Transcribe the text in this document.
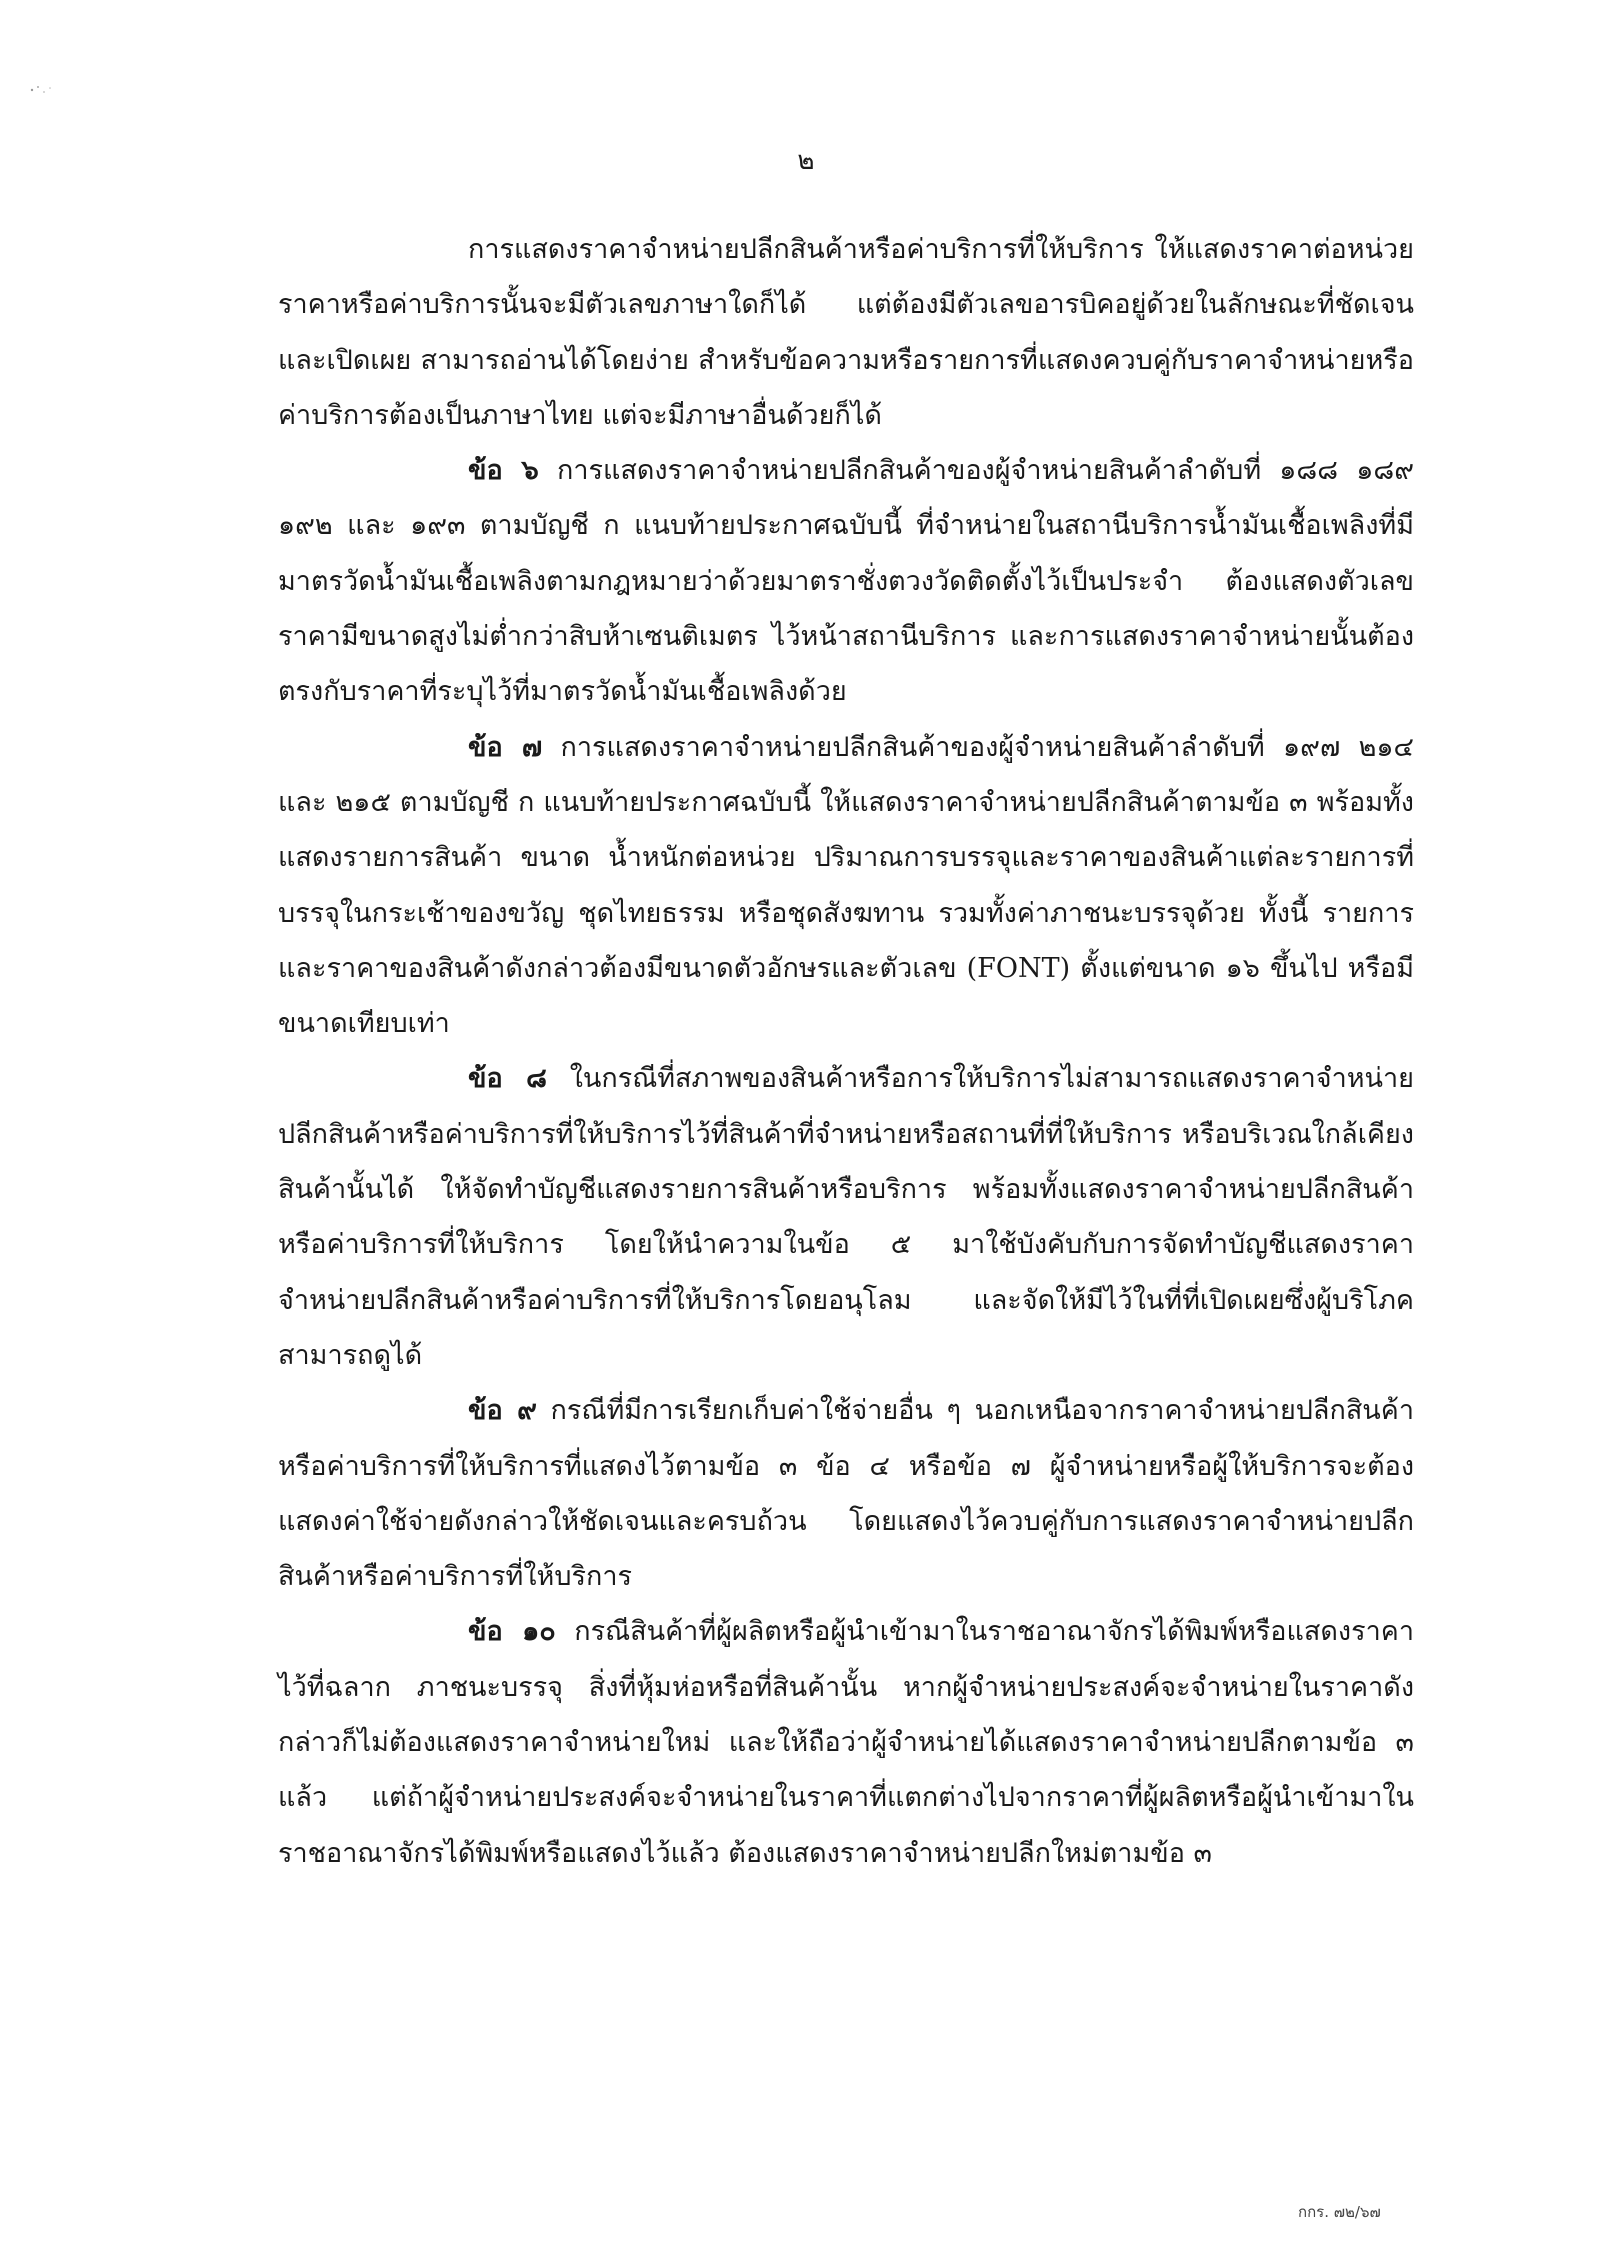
๒

การแสดงราคาจำหน่ายปลีกสินค้าหรือค่าบริการที่ให้บริการ ให้แสดงราคาต่อหน่วย ราคาหรือค่าบริการนั้นจะมีตัวเลขภาษาใดก็ได้ แต่ต้องมีตัวเลขอารบิคอยู่ด้วยในลักษณะที่ชัดเจนและเปิดเผย สามารถอ่านได้โดยง่าย สำหรับข้อความหรือรายการที่แสดงควบคู่กับราคาจำหน่ายหรือค่าบริการต้องเป็นภาษาไทย แต่จะมีภาษาอื่นด้วยก็ได้

ข้อ ๖ การแสดงราคาจำหน่ายปลีกสินค้าของผู้จำหน่ายสินค้าลำดับที่ ๑๘๘ ๑๘๙ ๑๙๒ และ ๑๙๓ ตามบัญชี ก แนบท้ายประกาศฉบับนี้ ที่จำหน่ายในสถานีบริการน้ำมันเชื้อเพลิงที่มีมาตรวัดน้ำมันเชื้อเพลิงตามกฎหมายว่าด้วยมาตราชั่งตวงวัดติดตั้งไว้เป็นประจำ ต้องแสดงตัวเลขราคามีขนาดสูงไม่ต่ำกว่าสิบห้าเซนติเมตร ไว้หน้าสถานีบริการ และการแสดงราคาจำหน่ายนั้นต้องตรงกับราคาที่ระบุไว้ที่มาตรวัดน้ำมันเชื้อเพลิงด้วย

ข้อ ๗ การแสดงราคาจำหน่ายปลีกสินค้าของผู้จำหน่ายสินค้าลำดับที่ ๑๙๗ ๒๑๔ และ ๒๑๕ ตามบัญชี ก แนบท้ายประกาศฉบับนี้ ให้แสดงราคาจำหน่ายปลีกสินค้าตามข้อ ๓ พร้อมทั้งแสดงรายการสินค้า ขนาด น้ำหนักต่อหน่วย ปริมาณการบรรจุและราคาของสินค้าแต่ละรายการที่บรรจุในกระเช้าของขวัญ ชุดไทยธรรม หรือชุดสังฆทาน รวมทั้งค่าภาชนะบรรจุด้วย ทั้งนี้ รายการและราคาของสินค้าดังกล่าวต้องมีขนาดตัวอักษรและตัวเลข (FONT) ตั้งแต่ขนาด ๑๖ ขึ้นไป หรือมีขนาดเทียบเท่า

ข้อ ๘ ในกรณีที่สภาพของสินค้าหรือการให้บริการไม่สามารถแสดงราคาจำหน่ายปลีกสินค้าหรือค่าบริการที่ให้บริการไว้ที่สินค้าที่จำหน่ายหรือสถานที่ที่ให้บริการ หรือบริเวณใกล้เคียงสินค้านั้นได้ ให้จัดทำบัญชีแสดงรายการสินค้าหรือบริการ พร้อมทั้งแสดงราคาจำหน่ายปลีกสินค้าหรือค่าบริการที่ให้บริการ โดยให้นำความในข้อ ๕ มาใช้บังคับกับการจัดทำบัญชีแสดงราคาจำหน่ายปลีกสินค้าหรือค่าบริการที่ให้บริการโดยอนุโลม และจัดให้มีไว้ในที่ที่เปิดเผยซึ่งผู้บริโภคสามารถดูได้

ข้อ ๙ กรณีที่มีการเรียกเก็บค่าใช้จ่ายอื่น ๆ นอกเหนือจากราคาจำหน่ายปลีกสินค้าหรือค่าบริการที่ให้บริการที่แสดงไว้ตามข้อ ๓ ข้อ ๔ หรือข้อ ๗ ผู้จำหน่ายหรือผู้ให้บริการจะต้องแสดงค่าใช้จ่ายดังกล่าวให้ชัดเจนและครบถ้วน โดยแสดงไว้ควบคู่กับการแสดงราคาจำหน่ายปลีกสินค้าหรือค่าบริการที่ให้บริการ

ข้อ ๑๐ กรณีสินค้าที่ผู้ผลิตหรือผู้นำเข้ามาในราชอาณาจักรได้พิมพ์หรือแสดงราคาไว้ที่ฉลาก ภาชนะบรรจุ สิ่งที่หุ้มห่อหรือที่สินค้านั้น หากผู้จำหน่ายประสงค์จะจำหน่ายในราคาดังกล่าวก็ไม่ต้องแสดงราคาจำหน่ายใหม่ และให้ถือว่าผู้จำหน่ายได้แสดงราคาจำหน่ายปลีกตามข้อ ๓ แล้ว แต่ถ้าผู้จำหน่ายประสงค์จะจำหน่ายในราคาที่แตกต่างไปจากราคาที่ผู้ผลิตหรือผู้นำเข้ามาในราชอาณาจักรได้พิมพ์หรือแสดงไว้แล้ว ต้องแสดงราคาจำหน่ายปลีกใหม่ตามข้อ ๓

กกร. ๗๒/๖๗
